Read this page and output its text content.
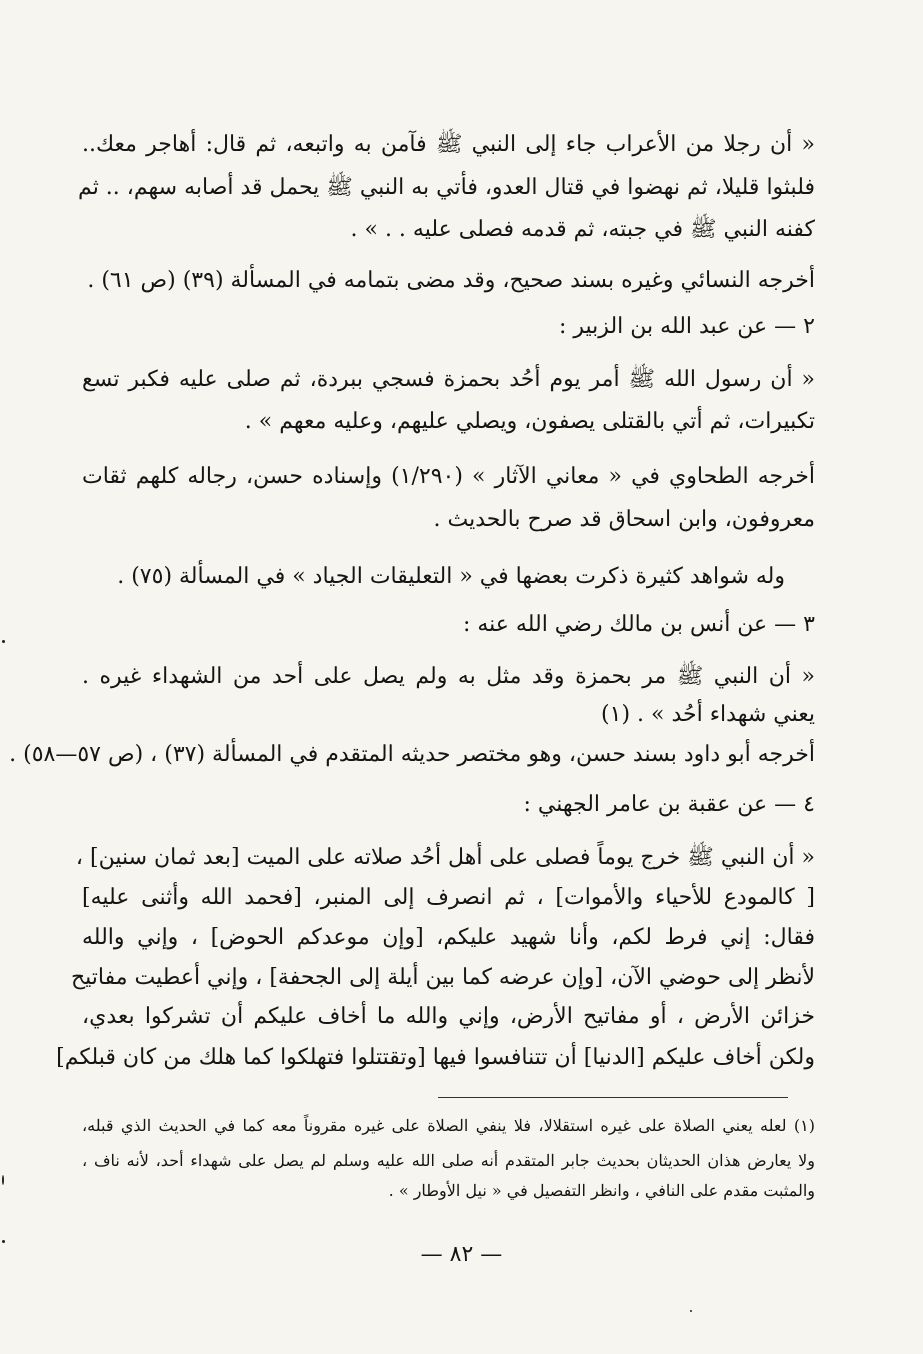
« أن رجلا من الأعراب جاء إلى النبي ﷺ فآمن به واتبعه، ثم قال: أهاجر معك..
فلبثوا قليلا، ثم نهضوا في قتال العدو، فأتي به النبي ﷺ يحمل قد أصابه سهم، .. ثم
كفنه النبي ﷺ في جبته، ثم قدمه فصلى عليه . . » .
أخرجه النسائي وغيره بسند صحيح، وقد مضى بتمامه في المسألة (٣٩) (ص ٦١) .
٢ — عن عبد الله بن الزبير :
« أن رسول الله ﷺ أمر يوم أحُد بحمزة فسجي ببردة، ثم صلى عليه فكبر تسع
تكبيرات، ثم أتي بالقتلى يصفون، ويصلي عليهم، وعليه معهم » .
أخرجه الطحاوي في « معاني الآثار » (١/٢٩٠) وإسناده حسن، رجاله كلهم ثقات
معروفون، وابن اسحاق قد صرح بالحديث .
وله شواهد كثيرة ذكرت بعضها في « التعليقات الجياد » في المسألة (٧٥) .
٣ — عن أنس بن مالك رضي الله عنه :
« أن النبي ﷺ مر بحمزة وقد مثل به ولم يصل على أحد من الشهداء غيره .
يعني شهداء أحُد » . (١)
أخرجه أبو داود بسند حسن، وهو مختصر حديثه المتقدم في المسألة (٣٧) ، (ص ٥٧—٥٨) .
٤ — عن عقبة بن عامر الجهني :
« أن النبي ﷺ خرج يوماً فصلى على أهل أحُد صلاته على الميت [بعد ثمان سنين] ،
[ كالمودع للأحياء والأموات] ، ثم انصرف إلى المنبر، [فحمد الله وأثنى عليه]
فقال: إني فرط لكم، وأنا شهيد عليكم، [وإن موعدكم الحوض] ، وإني والله
لأنظر إلى حوضي الآن، [وإن عرضه كما بين أيلة إلى الجحفة] ، وإني أعطيت مفاتيح
خزائن الأرض ، أو مفاتيح الأرض، وإني والله ما أخاف عليكم أن تشركوا بعدي،
ولكن أخاف عليكم [الدنيا] أن تتنافسوا فيها [وتقتتلوا فتهلكوا كما هلك من كان قبلكم]
(١) لعله يعني الصلاة على غيره استقلالا، فلا ينفي الصلاة على غيره مقروناً معه كما في الحديث الذي قبله،
ولا يعارض هذان الحديثان بحديث جابر المتقدم أنه صلى الله عليه وسلم لم يصل على شهداء أحد، لأنه ناف ،
والمثبت مقدم على النافي ، وانظر التفصيل في « نيل الأوطار » .
— ٨٢ —
